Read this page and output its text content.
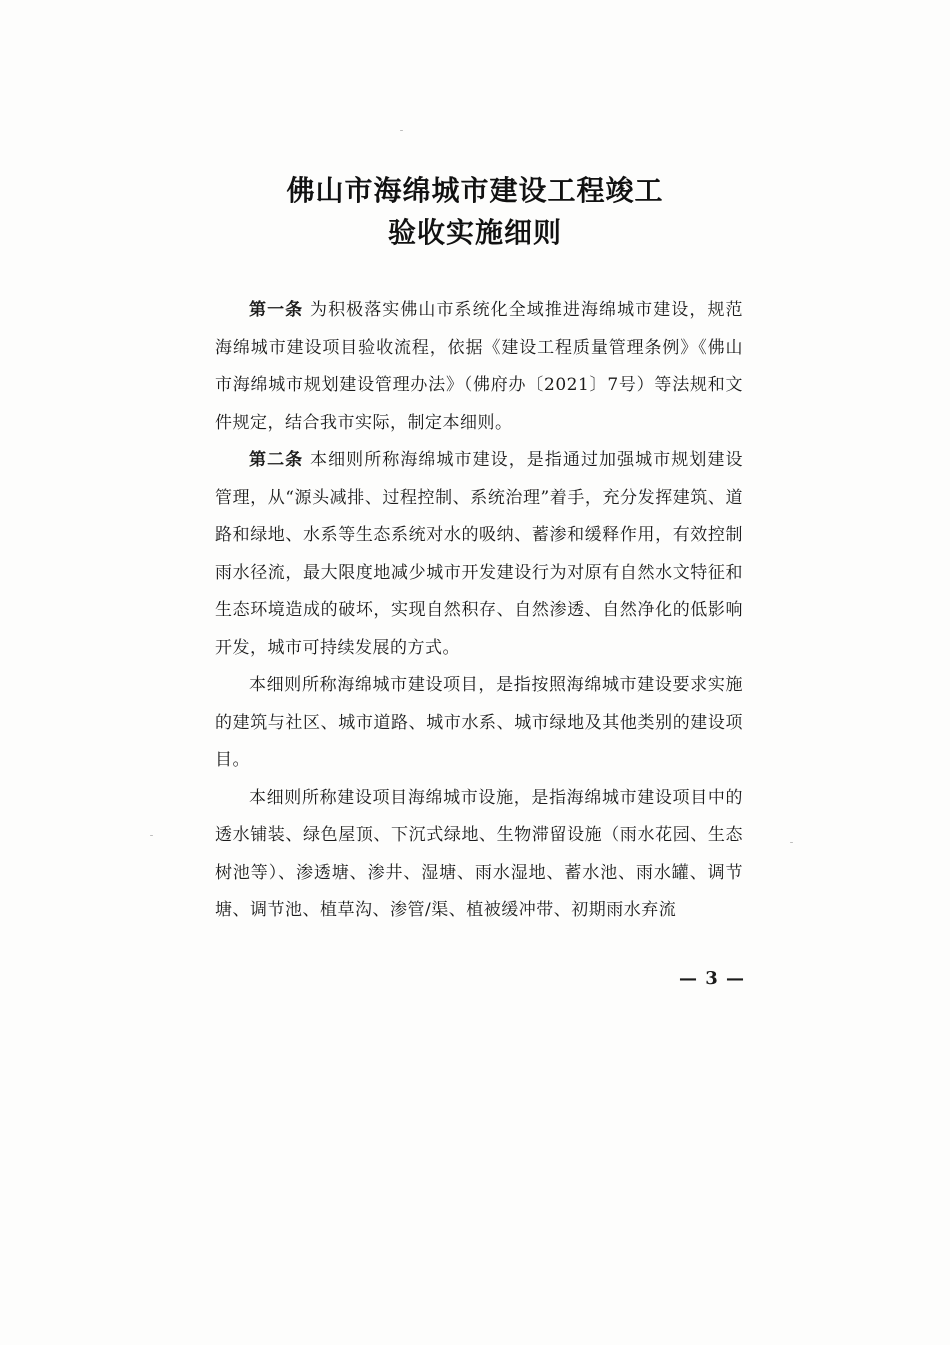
佛山市海绵城市建设工程竣工
验收实施细则

第一条 为积极落实佛山市系统化全域推进海绵城市建设，规范海绵城市建设项目验收流程，依据《建设工程质量管理条例》《佛山市海绵城市规划建设管理办法》（佛府办〔2021〕7号）等法规和文件规定，结合我市实际，制定本细则。

第二条 本细则所称海绵城市建设，是指通过加强城市规划建设管理，从“源头减排、过程控制、系统治理”着手，充分发挥建筑、道路和绿地、水系等生态系统对水的吸纳、蓄渗和缓释作用，有效控制雨水径流，最大限度地减少城市开发建设行为对原有自然水文特征和生态环境造成的破坏，实现自然积存、自然渗透、自然净化的低影响开发，城市可持续发展的方式。

本细则所称海绵城市建设项目，是指按照海绵城市建设要求实施的建筑与社区、城市道路、城市水系、城市绿地及其他类别的建设项目。

本细则所称建设项目海绵城市设施，是指海绵城市建设项目中的透水铺装、绿色屋顶、下沉式绿地、生物滞留设施（雨水花园、生态树池等）、渗透塘、渗井、湿塘、雨水湿地、蓄水池、雨水罐、调节塘、调节池、植草沟、渗管/渠、植被缓冲带、初期雨水弃流

— 3 —
